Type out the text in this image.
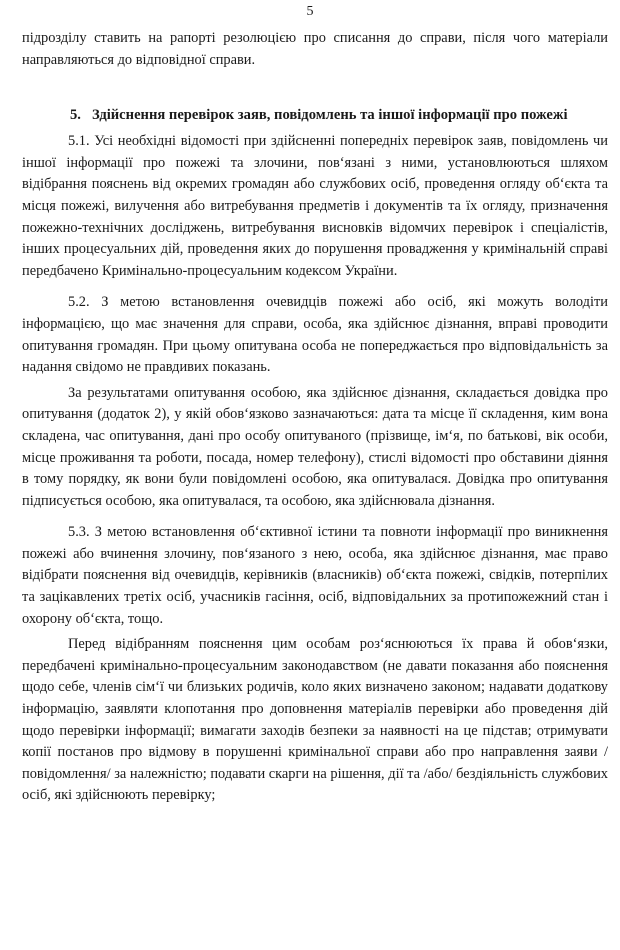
5

підрозділу ставить на рапорті резолюцією про списання до справи, після чого матеріали направляються до відповідної справи.

5. Здійснення перевірок заяв, повідомлень та іншої інформації про пожежі

5.1. Усі необхідні відомості при здійсненні попередніх перевірок заяв, повідомлень чи іншої інформації про пожежі та злочини, пов‘язані з ними, установлюються шляхом відібрання пояснень від окремих громадян або службових осіб, проведення огляду об‘єкта та місця пожежі, вилучення або витребування предметів і документів та їх огляду, призначення пожежно-технічних досліджень, витребування висновків відомчих перевірок і спеціалістів, інших процесуальних дій, проведення яких до порушення провадження у кримінальній справі передбачено Кримінально-процесуальним кодексом України.

5.2. З метою встановлення очевидців пожежі або осіб, які можуть володіти інформацією, що має значення для справи, особа, яка здійснює дізнання, вправі проводити опитування громадян. При цьому опитувана особа не попереджається про відповідальність за надання свідомо не правдивих показань.

За результатами опитування особою, яка здійснює дізнання, складається довідка про опитування (додаток 2), у якій обов‘язково зазначаються: дата та місце її складення, ким вона складена, час опитування, дані про особу опитуваного (прізвище, ім‘я, по батькові, вік особи, місце проживання та роботи, посада, номер телефону), стислі відомості про обставини діяння в тому порядку, як вони були повідомлені особою, яка опитувалася. Довідка про опитування підписується особою, яка опитувалася, та особою, яка здійснювала дізнання.

5.3. З метою встановлення об‘єктивної істини та повноти інформації про виникнення пожежі або вчинення злочину, пов‘язаного з нею, особа, яка здійснює дізнання, має право відібрати пояснення від очевидців, керівників (власників) об‘єкта пожежі, свідків, потерпілих та зацікавлених третіх осіб, учасників гасіння, осіб, відповідальних за протипожежний стан і охорону об‘єкта, тощо.

Перед відібранням пояснення цим особам роз‘яснюються їх права й обов‘язки, передбачені кримінально-процесуальним законодавством (не давати показання або пояснення щодо себе, членів сім‘ї чи близьких родичів, коло яких визначено законом; надавати додаткову інформацію, заявляти клопотання про доповнення матеріалів перевірки або проведення дій щодо перевірки інформації; вимагати заходів безпеки за наявності на це підстав; отримувати копії постанов про відмову в порушенні кримінальної справи або про направлення заяви /повідомлення/ за належністю; подавати скарги на рішення, дії та /або/ бездіяльність службових осіб, які здійснюють перевірку;
